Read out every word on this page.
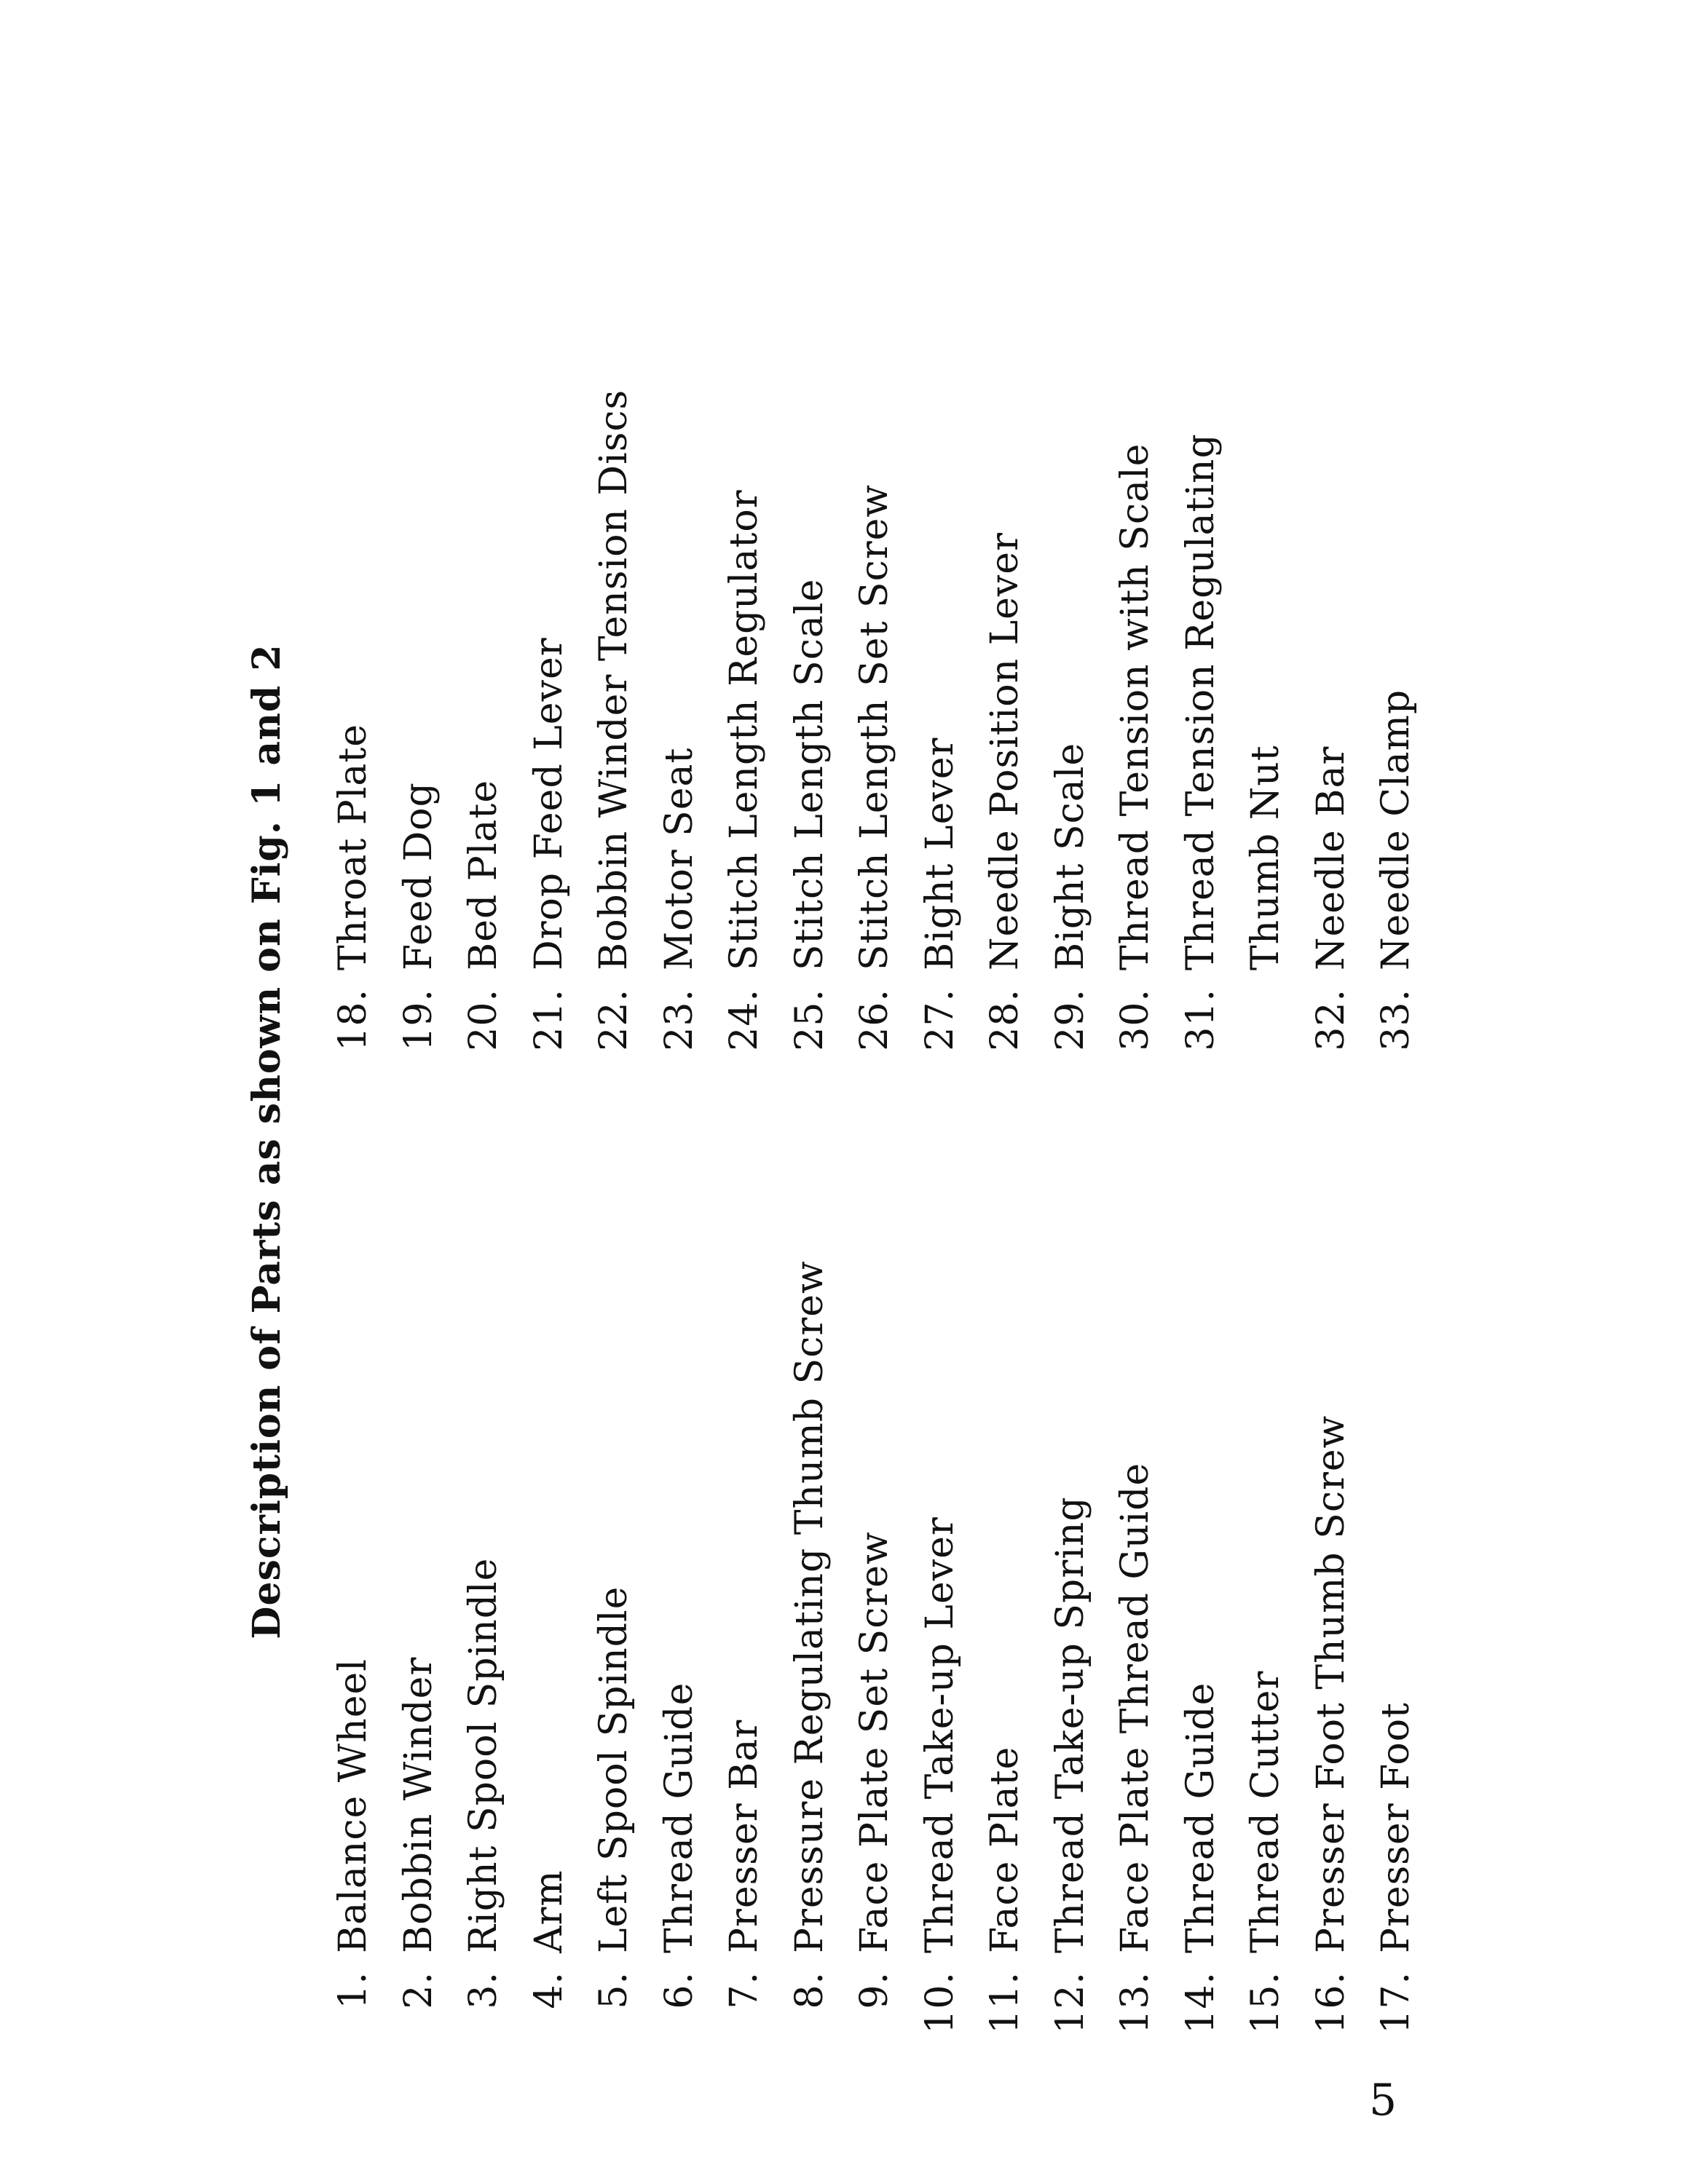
Description of Parts as shown on Fig. 1 and 2
1.
Balance Wheel
2.
Bobbin Winder
3.
Right Spool Spindle
4.
Arm
5.
Left Spool Spindle
6.
Thread Guide
7.
Presser Bar
8.
Pressure Regulating Thumb Screw
9.
Face Plate Set Screw
10.
Thread Take-up Lever
11.
Face Plate
12.
Thread Take-up Spring
13.
Face Plate Thread Guide
14.
Thread Guide
15.
Thread Cutter
16.
Presser Foot Thumb Screw
17.
Presser Foot
18.
Throat Plate
19.
Feed Dog
20.
Bed Plate
21.
Drop Feed Lever
22.
Bobbin Winder Tension Discs
23.
Motor Seat
24.
Stitch Length Regulator
25.
Stitch Length Scale
26.
Stitch Length Set Screw
27.
Bight Lever
28.
Needle Position Lever
29.
Bight Scale
30.
Thread Tension with Scale
31.
Thread Tension Regulating Thumb Nut
32.
Needle Bar
33.
Needle Clamp
5
